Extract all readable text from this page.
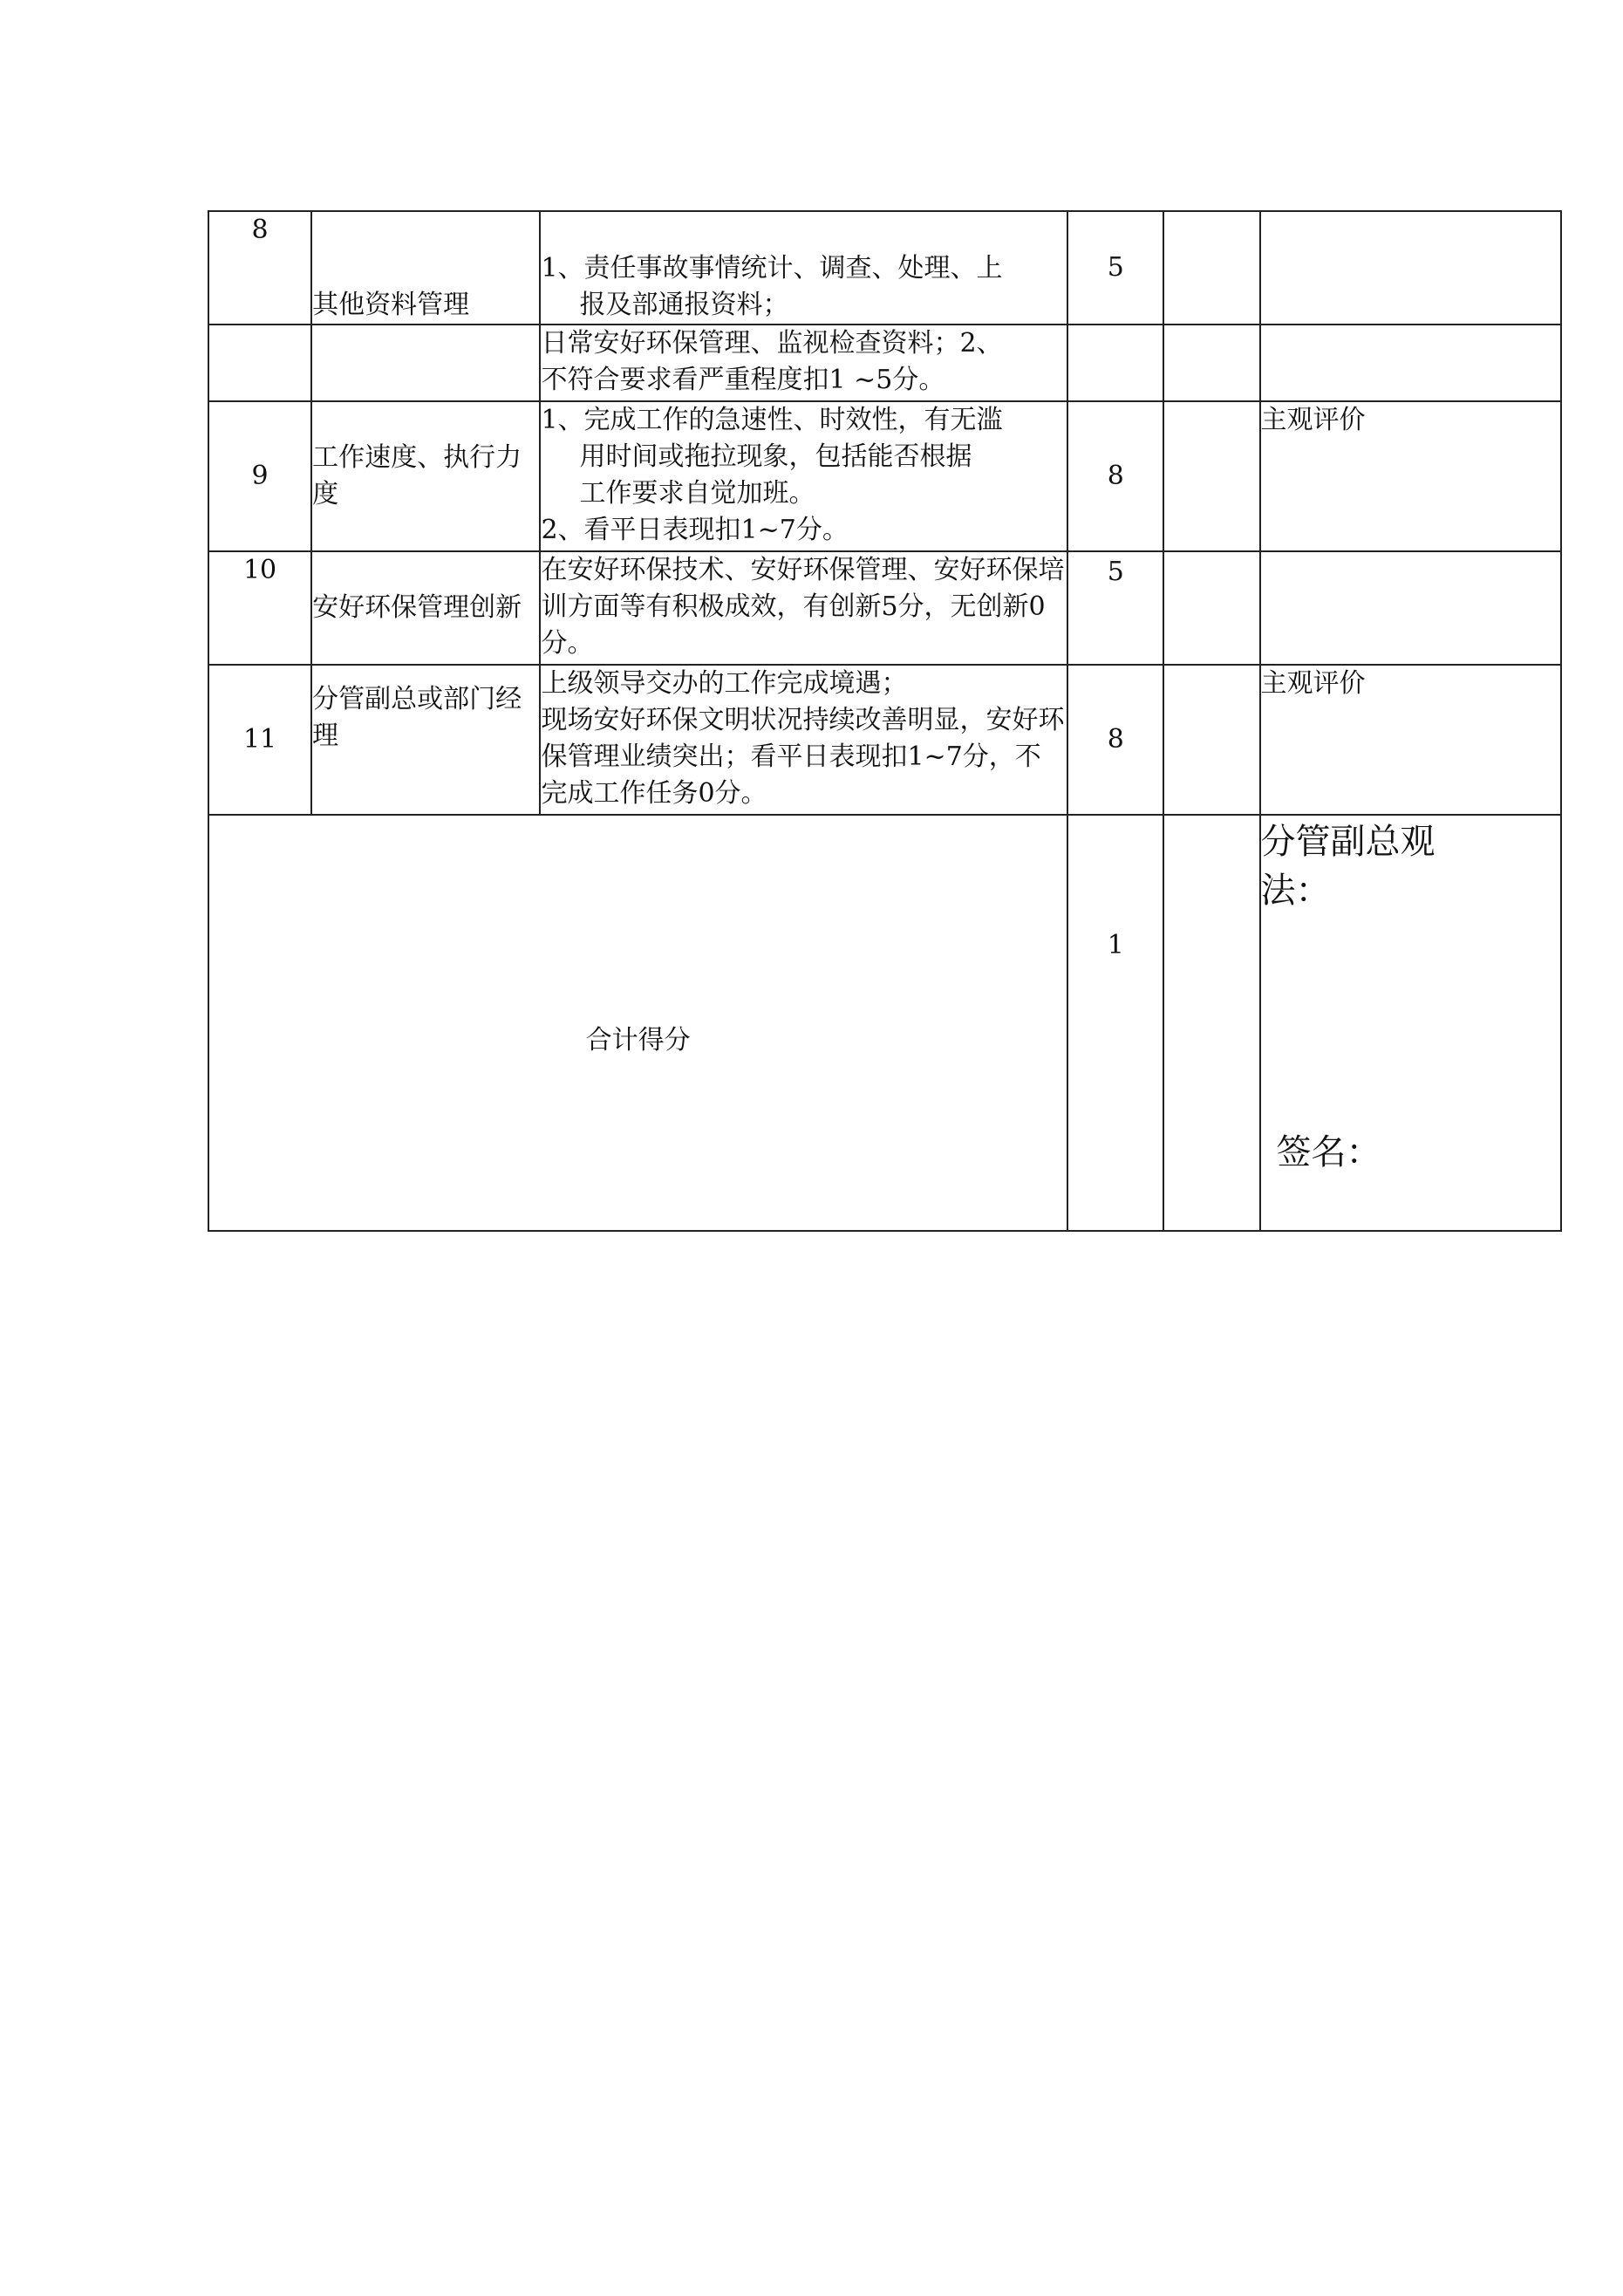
8	其他资料管理	1、责任事故事情统计、调查、处理、上
报及部通报资料；	5		

		日常安好环保管理、监视检查资料；2、
不符合要求看严重程度扣1 ~5分。			

9	工作速度、执行力度	1、完成工作的急速性、时效性，有无滥
用时间或拖拉现象，包括能否根据
工作要求自觉加班。
2、看平日表现扣1~7分。	8		主观评价
10	安好环保管理创新	在安好环保技术、安好环保管理、安好环保培训方面等有积极成效，有创新5分，无创新0分。	5		
11	分管副总或部门经理	上级领导交办的工作完成境遇；
现场安好环保文明状况持续改善明显，安好环保管理业绩突出；看平日表现扣1~7分，不完成工作任务0分。	8		主观评价
合计得分			1		分管副总观法：
签名：
